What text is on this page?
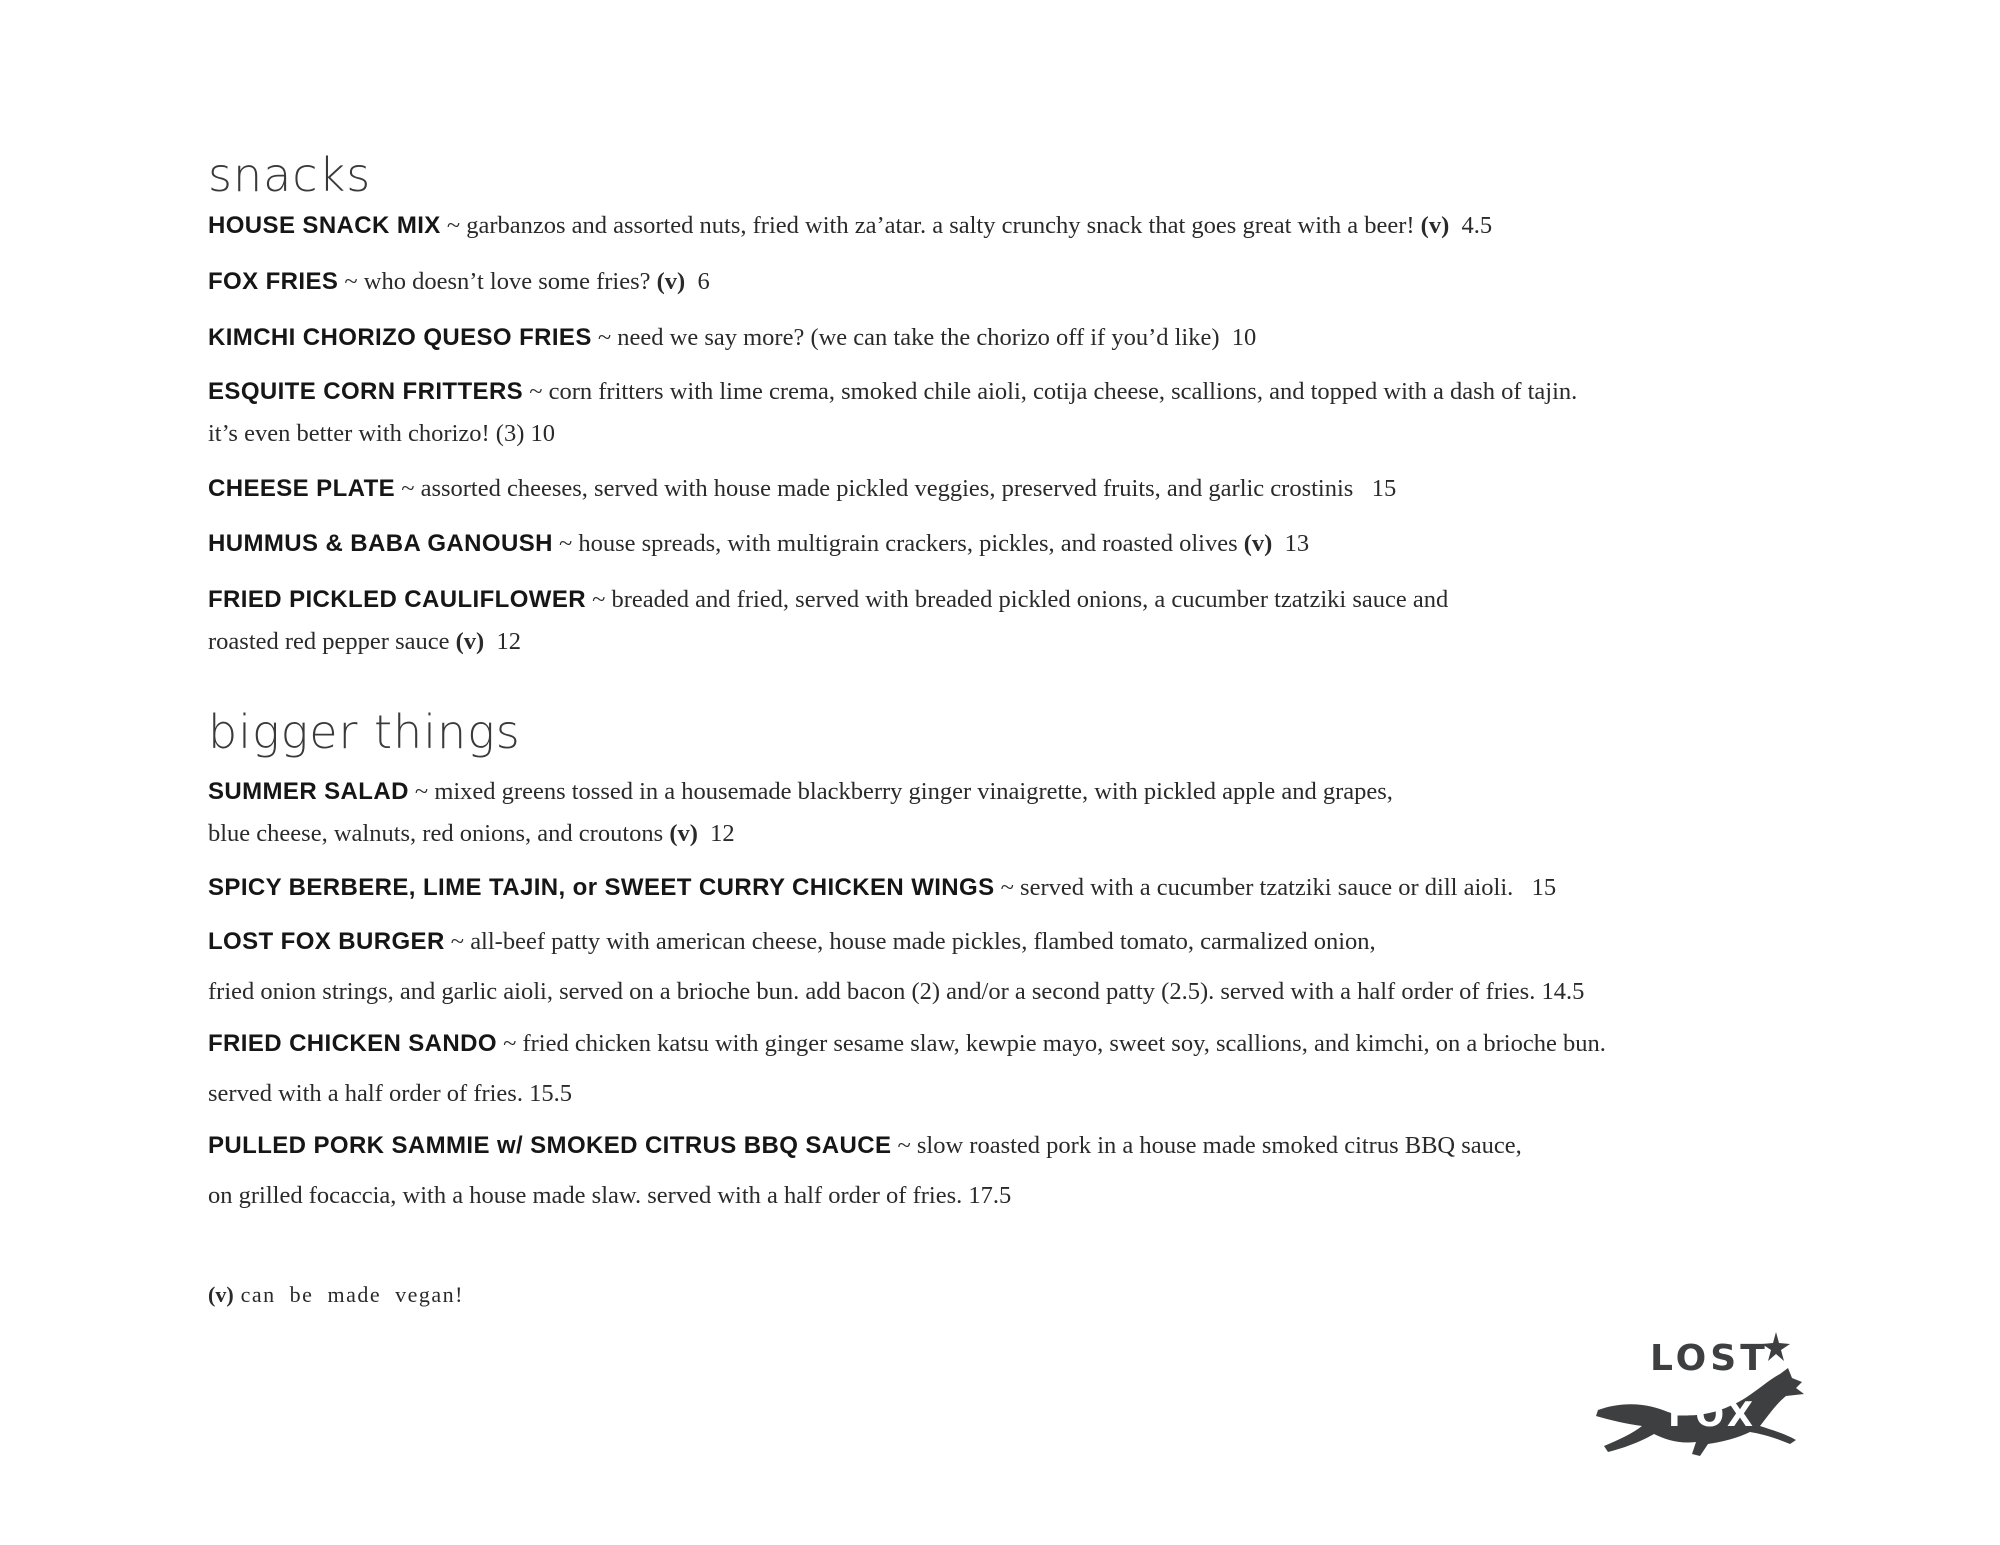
snacks
HOUSE SNACK MIX ~ garbanzos and assorted nuts, fried with za’atar. a salty crunchy snack that goes great with a beer! (v)  4.5
FOX FRIES ~ who doesn’t love some fries? (v)  6
KIMCHI CHORIZO QUESO FRIES ~ need we say more? (we can take the chorizo off if you’d like)  10
ESQUITE CORN FRITTERS ~ corn fritters with lime crema, smoked chile aioli, cotija cheese, scallions, and topped with a dash of tajin.
it’s even better with chorizo! (3) 10
CHEESE PLATE ~ assorted cheeses, served with house made pickled veggies, preserved fruits, and garlic crostinis   15
HUMMUS & BABA GANOUSH ~ house spreads, with multigrain crackers, pickles, and roasted olives (v)  13
FRIED PICKLED CAULIFLOWER ~ breaded and fried, served with breaded pickled onions, a cucumber tzatziki sauce and
roasted red pepper sauce (v)  12
bigger things
SUMMER SALAD ~ mixed greens tossed in a housemade blackberry ginger vinaigrette, with pickled apple and grapes,
blue cheese, walnuts, red onions, and croutons (v)  12
SPICY BERBERE, LIME TAJIN, or SWEET CURRY CHICKEN WINGS ~ served with a cucumber tzatziki sauce or dill aioli.   15
LOST FOX BURGER ~ all-beef patty with american cheese, house made pickles, flambed tomato, carmalized onion,
fried onion strings, and garlic aioli, served on a brioche bun. add bacon (2) and/or a second patty (2.5). served with a half order of fries. 14.5
FRIED CHICKEN SANDO ~ fried chicken katsu with ginger sesame slaw, kewpie mayo, sweet soy, scallions, and kimchi, on a brioche bun.
served with a half order of fries. 15.5
PULLED PORK SAMMIE w/ SMOKED CITRUS BBQ SAUCE ~ slow roasted pork in a house made smoked citrus BBQ sauce,
on grilled focaccia, with a house made slaw. served with a half order of fries. 17.5
(v) can  be  made  vegan!
LOST
FOX
